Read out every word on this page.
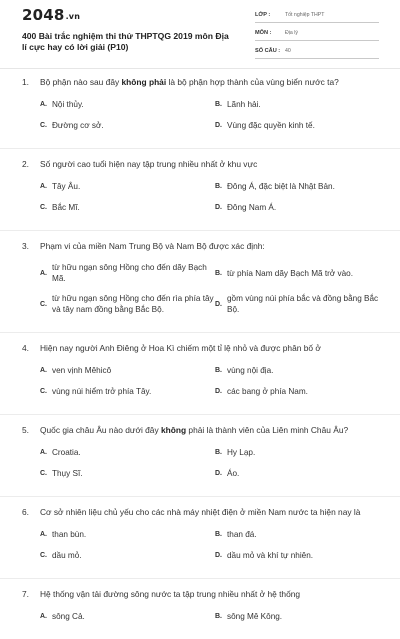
2048.vn
400 Bài trắc nghiệm thi thử THPTQG 2019 môn Địa lí cực hay có lời giải (P10)
LỚP :	Tốt nghiệp THPT
MÔN :	Địa lý
SỐ CÂU : 40
1. Bộ phận nào sau đây không phải là bộ phận hợp thành của vùng biển nước ta?
A. Nội thủy.	B. Lãnh hải.
C. Đường cơ sở.	D. Vùng đặc quyền kinh tế.
2. Số người cao tuổi hiện nay tập trung nhiều nhất ở khu vực
A. Tây Âu.	B. Đông Á, đặc biệt là Nhật Bản.
C. Bắc Mĩ.	D. Đông Nam Á.
3. Phạm vi của miền Nam Trung Bộ và Nam Bộ được xác định:
A.
từ hữu ngạn sông Hồng cho đến dãy Bạch Mã.
B. từ phía Nam dãy Bạch Mã trở vào.
C.
từ hữu ngạn sông Hồng cho đến rìa phía tây và tây nam đồng bằng Bắc Bộ.
D.
gồm vùng núi phía bắc và đồng bằng Bắc Bộ.
4. Hiện nay người Anh Điêng ở Hoa Kì chiếm một tỉ lệ nhỏ và được phân bố ở
A. ven vịnh Mêhicô	B. vùng nội địa.
C. vùng núi hiểm trở phía Tây.	D. các bang ở phía Nam.
5. Quốc gia châu Âu nào dưới đây không phải là thành viên của Liên minh Châu Âu?
A. Croatia.	B. Hy Lạp.
C. Thụy Sĩ.	D. Áo.
6. Cơ sở nhiên liệu chủ yếu cho các nhà máy nhiệt điện ở miền Nam nước ta hiện nay là
A. than bùn.	B. than đá.
C. dầu mỏ.	D. dầu mỏ và khí tự nhiên.
7. Hệ thống vận tải đường sông nước ta tập trung nhiều nhất ở hệ thống
A. sông Cả.	B. sông Mê Kông.
